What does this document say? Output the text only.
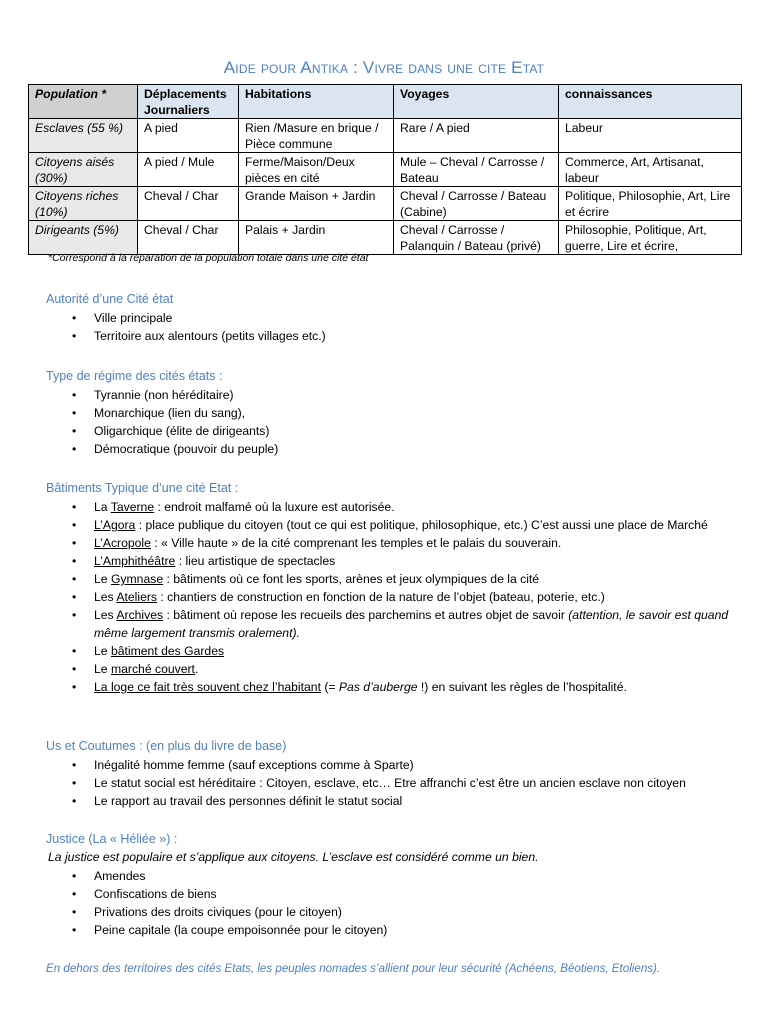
Aide pour Antika : Vivre dans une cite Etat
Population *	Déplacements Journaliers	Habitations	Voyages	connaissances
Esclaves (55 %)	A pied	Rien /Masure en brique / Pièce commune	Rare / A pied	Labeur
Citoyens aisés (30%)	A pied / Mule	Ferme/Maison/Deux pièces en cité	Mule – Cheval / Carrosse / Bateau	Commerce, Art, Artisanat, labeur
Citoyens riches (10%)	Cheval / Char	Grande Maison + Jardin	Cheval / Carrosse / Bateau (Cabine)	Politique, Philosophie, Art, Lire et écrire
Dirigeants (5%)	Cheval / Char	Palais + Jardin	Cheval / Carrosse / Palanquin / Bateau (privé)	Philosophie, Politique, Art, guerre, Lire et écrire,
*Correspond à la réparation de la population totale dans une cité état
Autorité d’une Cité état
• Ville principale
• Territoire aux alentours (petits villages etc.)
Type de régime des cités états :
• Tyrannie (non héréditaire)
• Monarchique (lien du sang),
• Oligarchique (élite de dirigeants)
• Démocratique (pouvoir du peuple)
Bâtiments Typique d’une cité Etat :
• La Taverne : endroit malfamé où la luxure est autorisée.
• L’Agora : place publique du citoyen (tout ce qui est politique, philosophique, etc.) C’est aussi une place de Marché
• L’Acropole : « Ville haute » de la cité comprenant les temples et le palais du souverain.
• L’Amphithéâtre : lieu artistique de spectacles
• Le Gymnase : bâtiments où ce font les sports, arènes et jeux olympiques de la cité
• Les Ateliers : chantiers de construction en fonction de la nature de l’objet (bateau, poterie, etc.)
• Les Archives : bâtiment où repose les recueils des parchemins et autres objet de savoir (attention, le savoir est quand même largement transmis oralement).
• Le bâtiment des Gardes
• Le marché couvert.
• La loge ce fait très souvent chez l’habitant (= Pas d’auberge !) en suivant les règles de l’hospitalité.
Us et Coutumes : (en plus du livre de base)
• Inégalité homme femme (sauf exceptions comme à Sparte)
• Le statut social est héréditaire : Citoyen, esclave, etc… Etre affranchi c’est être un ancien esclave non citoyen
• Le rapport au travail des personnes définit le statut social
Justice (La « Héliée ») :
La justice est populaire et s’applique aux citoyens. L’esclave est considéré comme un bien.
• Amendes
• Confiscations de biens
• Privations des droits civiques (pour le citoyen)
• Peine capitale (la coupe empoisonnée pour le citoyen)
En dehors des territoires des cités Etats, les peuples nomades s’allient pour leur sécurité (Achéens, Béotiens, Etoliens).
